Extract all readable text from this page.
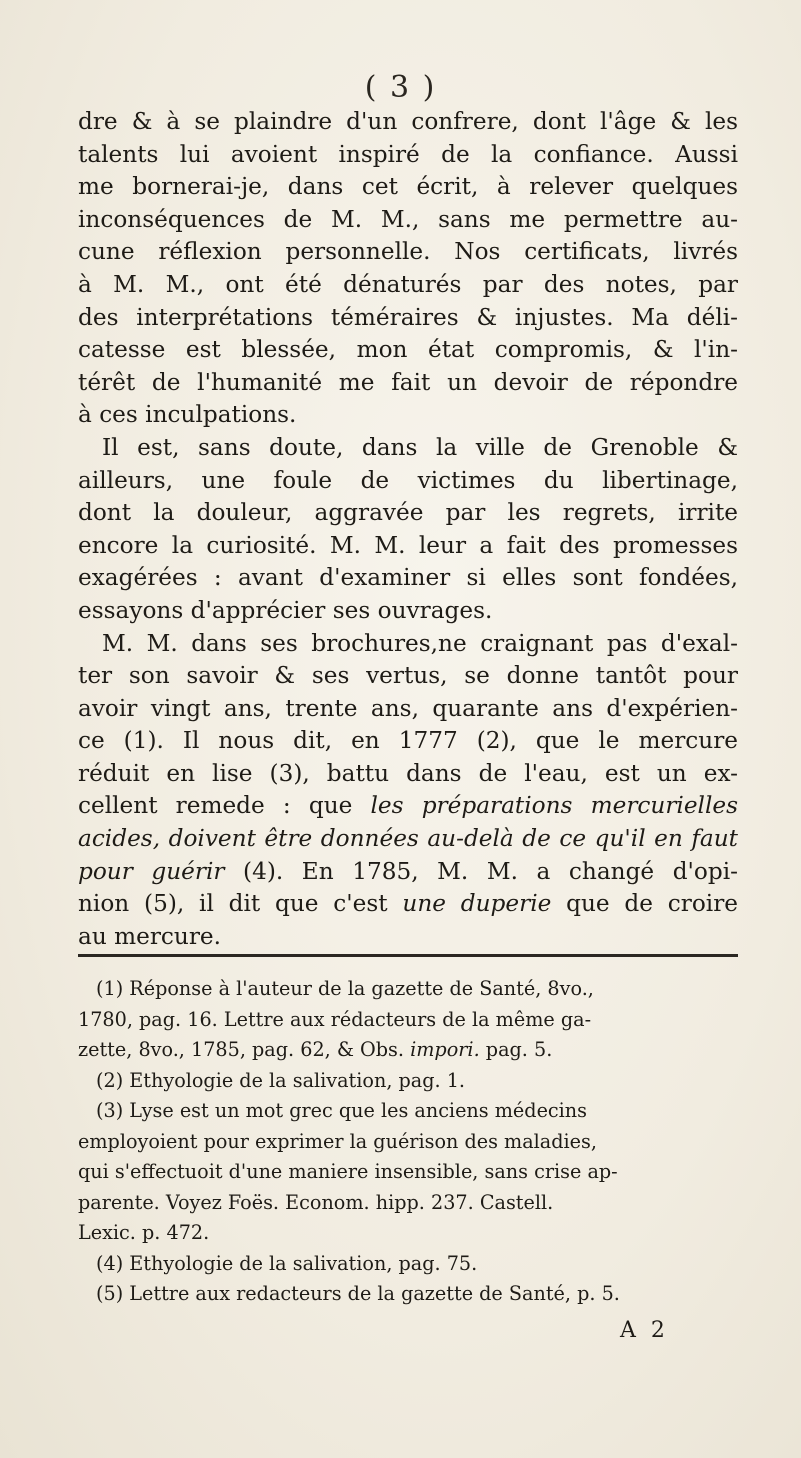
( 3 )
dre & à se plaindre d'un confrere, dont l'âge & les
talents lui avoient inspiré de la confiance. Aussi
me bornerai-je, dans cet écrit, à relever quelques
inconséquences de M. M., sans me permettre au-
cune réflexion personnelle. Nos certificats, livrés
à M. M., ont été dénaturés par des notes, par
des interprétations téméraires & injustes. Ma déli-
catesse est blessée, mon état compromis, & l'in-
térêt de l'humanité me fait un devoir de répondre
à ces inculpations.
Il est, sans doute, dans la ville de Grenoble &
ailleurs, une foule de victimes du libertinage,
dont la douleur, aggravée par les regrets, irrite
encore la curiosité. M. M. leur a fait des promesses
exagérées : avant d'examiner si elles sont fondées,
essayons d'apprécier ses ouvrages.
M. M. dans ses brochures,ne craignant pas d'exal-
ter son savoir & ses vertus, se donne tantôt pour
avoir vingt ans, trente ans, quarante ans d'expérien-
ce (1). Il nous dit, en 1777 (2), que le mercure
réduit en lise (3), battu dans de l'eau, est un ex-
cellent remede : que les préparations mercurielles
acides, doivent être données au-delà de ce qu'il en faut
pour guérir (4). En 1785, M. M. a changé d'opi-
nion (5), il dit que c'est une duperie que de croire
au mercure.
(1) Réponse à l'auteur de la gazette de Santé, 8vo.,
1780, pag. 16. Lettre aux rédacteurs de la même ga-
zette, 8vo., 1785, pag. 62, & Obs. impori. pag. 5.
(2) Ethyologie de la salivation, pag. 1.
(3) Lyse est un mot grec que les anciens médecins
employoient pour exprimer la guérison des maladies,
qui s'effectuoit d'une maniere insensible, sans crise ap-
parente. Voyez Foës. Econom. hipp. 237. Castell.
Lexic. p. 472.
(4) Ethyologie de la salivation, pag. 75.
(5) Lettre aux redacteurs de la gazette de Santé, p. 5.
A 2
